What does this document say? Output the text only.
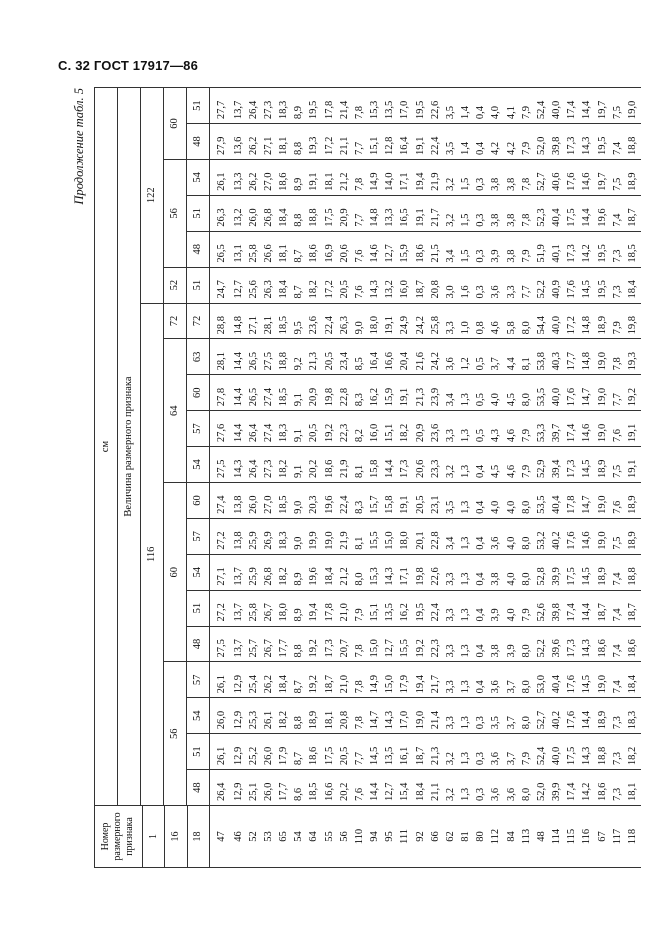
С. 32 ГОСТ 17917—86
Продолжение табл. 5
Номер размерного признака 1 16 18	см																			
	Величина размерного признака																			
	116														122					
	56				60					64				72	52	56			60	

	48	51	54	57	48	51	54	57	60	54	57	60	63	72	51	48	51	54	48	51
47	26,4	26,1	26,0	26,1	27,5	27,2	27,1	27,2	27,4	27,5	27,6	27,8	28,1	28,8	24,7	26,5	26,3	26,1	27,9	27,7
46	12,9	12,9	12,9	12,9	13,7	13,7	13,7	13,8	13,8	14,3	14,4	14,4	14,4	14,8	12,7	13,1	13,2	13,3	13,6	13,7
52	25,1	25,2	25,3	25,4	25,7	25,8	25,9	25,9	26,0	26,4	26,4	26,5	26,5	27,1	25,6	25,8	26,0	26,2	26,2	26,4
53	26,0	26,0	26,1	26,2	26,7	26,7	26,8	26,9	27,0	27,3	27,4	27,4	27,5	28,1	26,3	26,6	26,8	27,0	27,1	27,3
65	17,7	17,9	18,2	18,4	17,7	18,0	18,2	18,3	18,5	18,2	18,3	18,5	18,8	18,5	18,4	18,1	18,4	18,6	18,1	18,3
54	8,6	8,7	8,8	8,7	8,8	8,9	8,9	9,0	9,0	9,1	9,1	9,1	9,2	9,5	8,7	8,7	8,8	8,9	8,8	8,9
64	18,5	18,6	18,9	19,2	19,2	19,4	19,6	19,9	20,3	20,2	20,5	20,9	21,3	23,6	18,2	18,6	18,8	19,1	19,3	19,5
55	16,6	17,5	18,1	18,7	17,3	17,8	18,4	19,0	19,6	18,6	19,2	19,8	20,5	22,4	17,2	16,9	17,5	18,1	17,2	17,8
56	20,2	20,5	20,8	21,0	20,7	21,0	21,2	21,9	22,4	21,9	22,3	22,8	23,4	26,3	20,5	20,6	20,9	21,2	21,1	21,4
110	7,6	7,7	7,8	7,8	7,8	7,9	8,0	8,1	8,3	8,1	8,2	8,3	8,5	9,0	7,6	7,6	7,7	7,8	7,7	7,8
94	14,4	14,5	14,7	14,9	15,0	15,1	15,3	15,5	15,7	15,8	16,0	16,2	16,4	18,0	14,3	14,6	14,8	14,9	15,1	15,3
95	12,7	13,5	14,3	15,0	12,7	13,5	14,3	15,0	15,8	14,4	15,1	15,9	16,6	19,1	13,2	12,7	13,3	14,0	12,8	13,5
111	15,4	16,1	17,0	17,9	15,5	16,2	17,1	18,0	19,1	17,3	18,2	19,1	20,4	24,9	16,0	15,9	16,5	17,1	16,4	17,0
92	18,4	18,7	19,0	19,4	19,2	19,5	19,8	20,1	20,5	20,6	20,9	21,3	21,6	24,2	18,7	18,6	19,1	19,4	19,1	19,5
66	21,1	21,3	21,4	21,7	22,3	22,4	22,6	22,8	23,1	23,3	23,6	23,9	24,2	25,8	20,8	21,5	21,7	21,9	22,4	22,6
62	3,2	3,2	3,3	3,3	3,3	3,3	3,3	3,4	3,5	3,2	3,3	3,4	3,6	3,3	3,0	3,4	3,2	3,2	3,5	3,5
81	1,3	1,3	1,3	1,3	1,3	1,3	1,3	1,3	1,3	1,3	1,3	1,3	1,2	1,0	1,6	1,5	1,5	1,5	1,4	1,4
80	0,3	0,3	0,3	0,4	0,4	0,4	0,4	0,4	0,4	0,4	0,5	0,5	0,5	0,8	0,3	0,3	0,3	0,3	0,4	0,4
112	3,6	3,6	3,5	3,6	3,8	3,9	3,8	3,6	4,0	4,5	4,3	4,0	3,7	4,6	3,6	3,9	3,8	3,8	4,2	4,0
84	3,6	3,7	3,7	3,7	3,9	4,0	4,0	4,0	4,0	4,6	4,6	4,5	4,4	5,8	3,3	3,8	3,8	3,8	4,2	4,1
113	8,0	7,9	8,0	8,0	8,0	7,9	8,0	8,0	8,0	7,9	7,9	8,0	8,1	8,0	7,7	7,9	7,8	7,8	7,9	7,9
48	52,0	52,4	52,7	53,0	52,2	52,6	52,8	53,2	53,5	52,9	53,3	53,5	53,8	54,4	52,2	51,9	52,3	52,7	52,0	52,4
114	39,9	40,0	40,2	40,4	39,6	39,8	39,9	40,2	40,4	39,4	39,7	40,0	40,3	40,0	40,9	40,1	40,4	40,6	39,8	40,0
115	17,4	17,5	17,6	17,6	17,3	17,4	17,5	17,6	17,8	17,3	17,4	17,6	17,7	17,2	17,6	17,3	17,5	17,6	17,3	17,4
116	14,2	14,3	14,4	14,5	14,3	14,4	14,5	14,6	14,7	14,5	14,6	14,7	14,8	14,8	14,5	14,2	14,4	14,6	14,3	14,4
67	18,6	18,8	18,9	19,0	18,6	18,7	18,9	19,0	19,0	18,9	19,0	19,0	19,0	18,9	19,5	19,5	19,6	19,7	19,5	19,7
117	7,3	7,3	7,3	7,4	7,4	7,4	7,4	7,5	7,6	7,5	7,6	7,7	7,8	7,9	7,3	7,3	7,4	7,5	7,4	7,5
118	18,1	18,2	18,3	18,4	18,6	18,7	18,8	18,9	18,9	19,1	19,1	19,2	19,3	19,8	18,4	18,5	18,7	18,9	18,8	19,0
